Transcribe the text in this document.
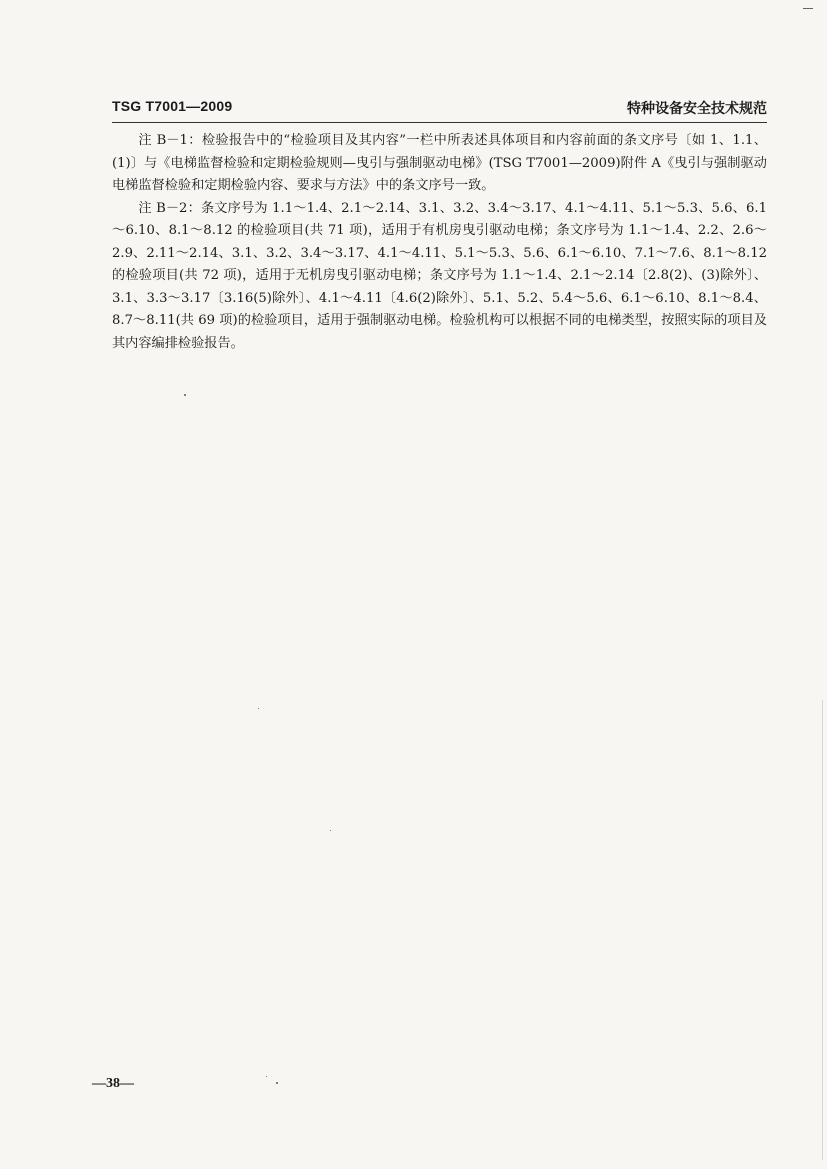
TSG T7001—2009	特种设备安全技术规范

注 B－1：检验报告中的“检验项目及其内容”一栏中所表述具体项目和内容前面的条文序号〔如 1、1.1、(1)〕与《电梯监督检验和定期检验规则—曳引与强制驱动电梯》(TSG T7001—2009)附件 A《曳引与强制驱动电梯监督检验和定期检验内容、要求与方法》中的条文序号一致。

注 B－2：条文序号为 1.1～1.4、2.1～2.14、3.1、3.2、3.4～3.17、4.1～4.11、5.1～5.3、5.6、6.1～6.10、8.1～8.12 的检验项目(共 71 项)，适用于有机房曳引驱动电梯；条文序号为 1.1～1.4、2.2、2.6～2.9、2.11～2.14、3.1、3.2、3.4～3.17、4.1～4.11、5.1～5.3、5.6、6.1～6.10、7.1～7.6、8.1～8.12 的检验项目(共 72 项)，适用于无机房曳引驱动电梯；条文序号为 1.1～1.4、2.1～2.14〔2.8(2)、(3)除外〕、3.1、3.3～3.17〔3.16(5)除外〕、4.1～4.11〔4.6(2)除外〕、5.1、5.2、5.4～5.6、6.1～6.10、8.1～8.4、8.7～8.11(共 69 项)的检验项目，适用于强制驱动电梯。检验机构可以根据不同的电梯类型，按照实际的项目及其内容编排检验报告。

—38—
